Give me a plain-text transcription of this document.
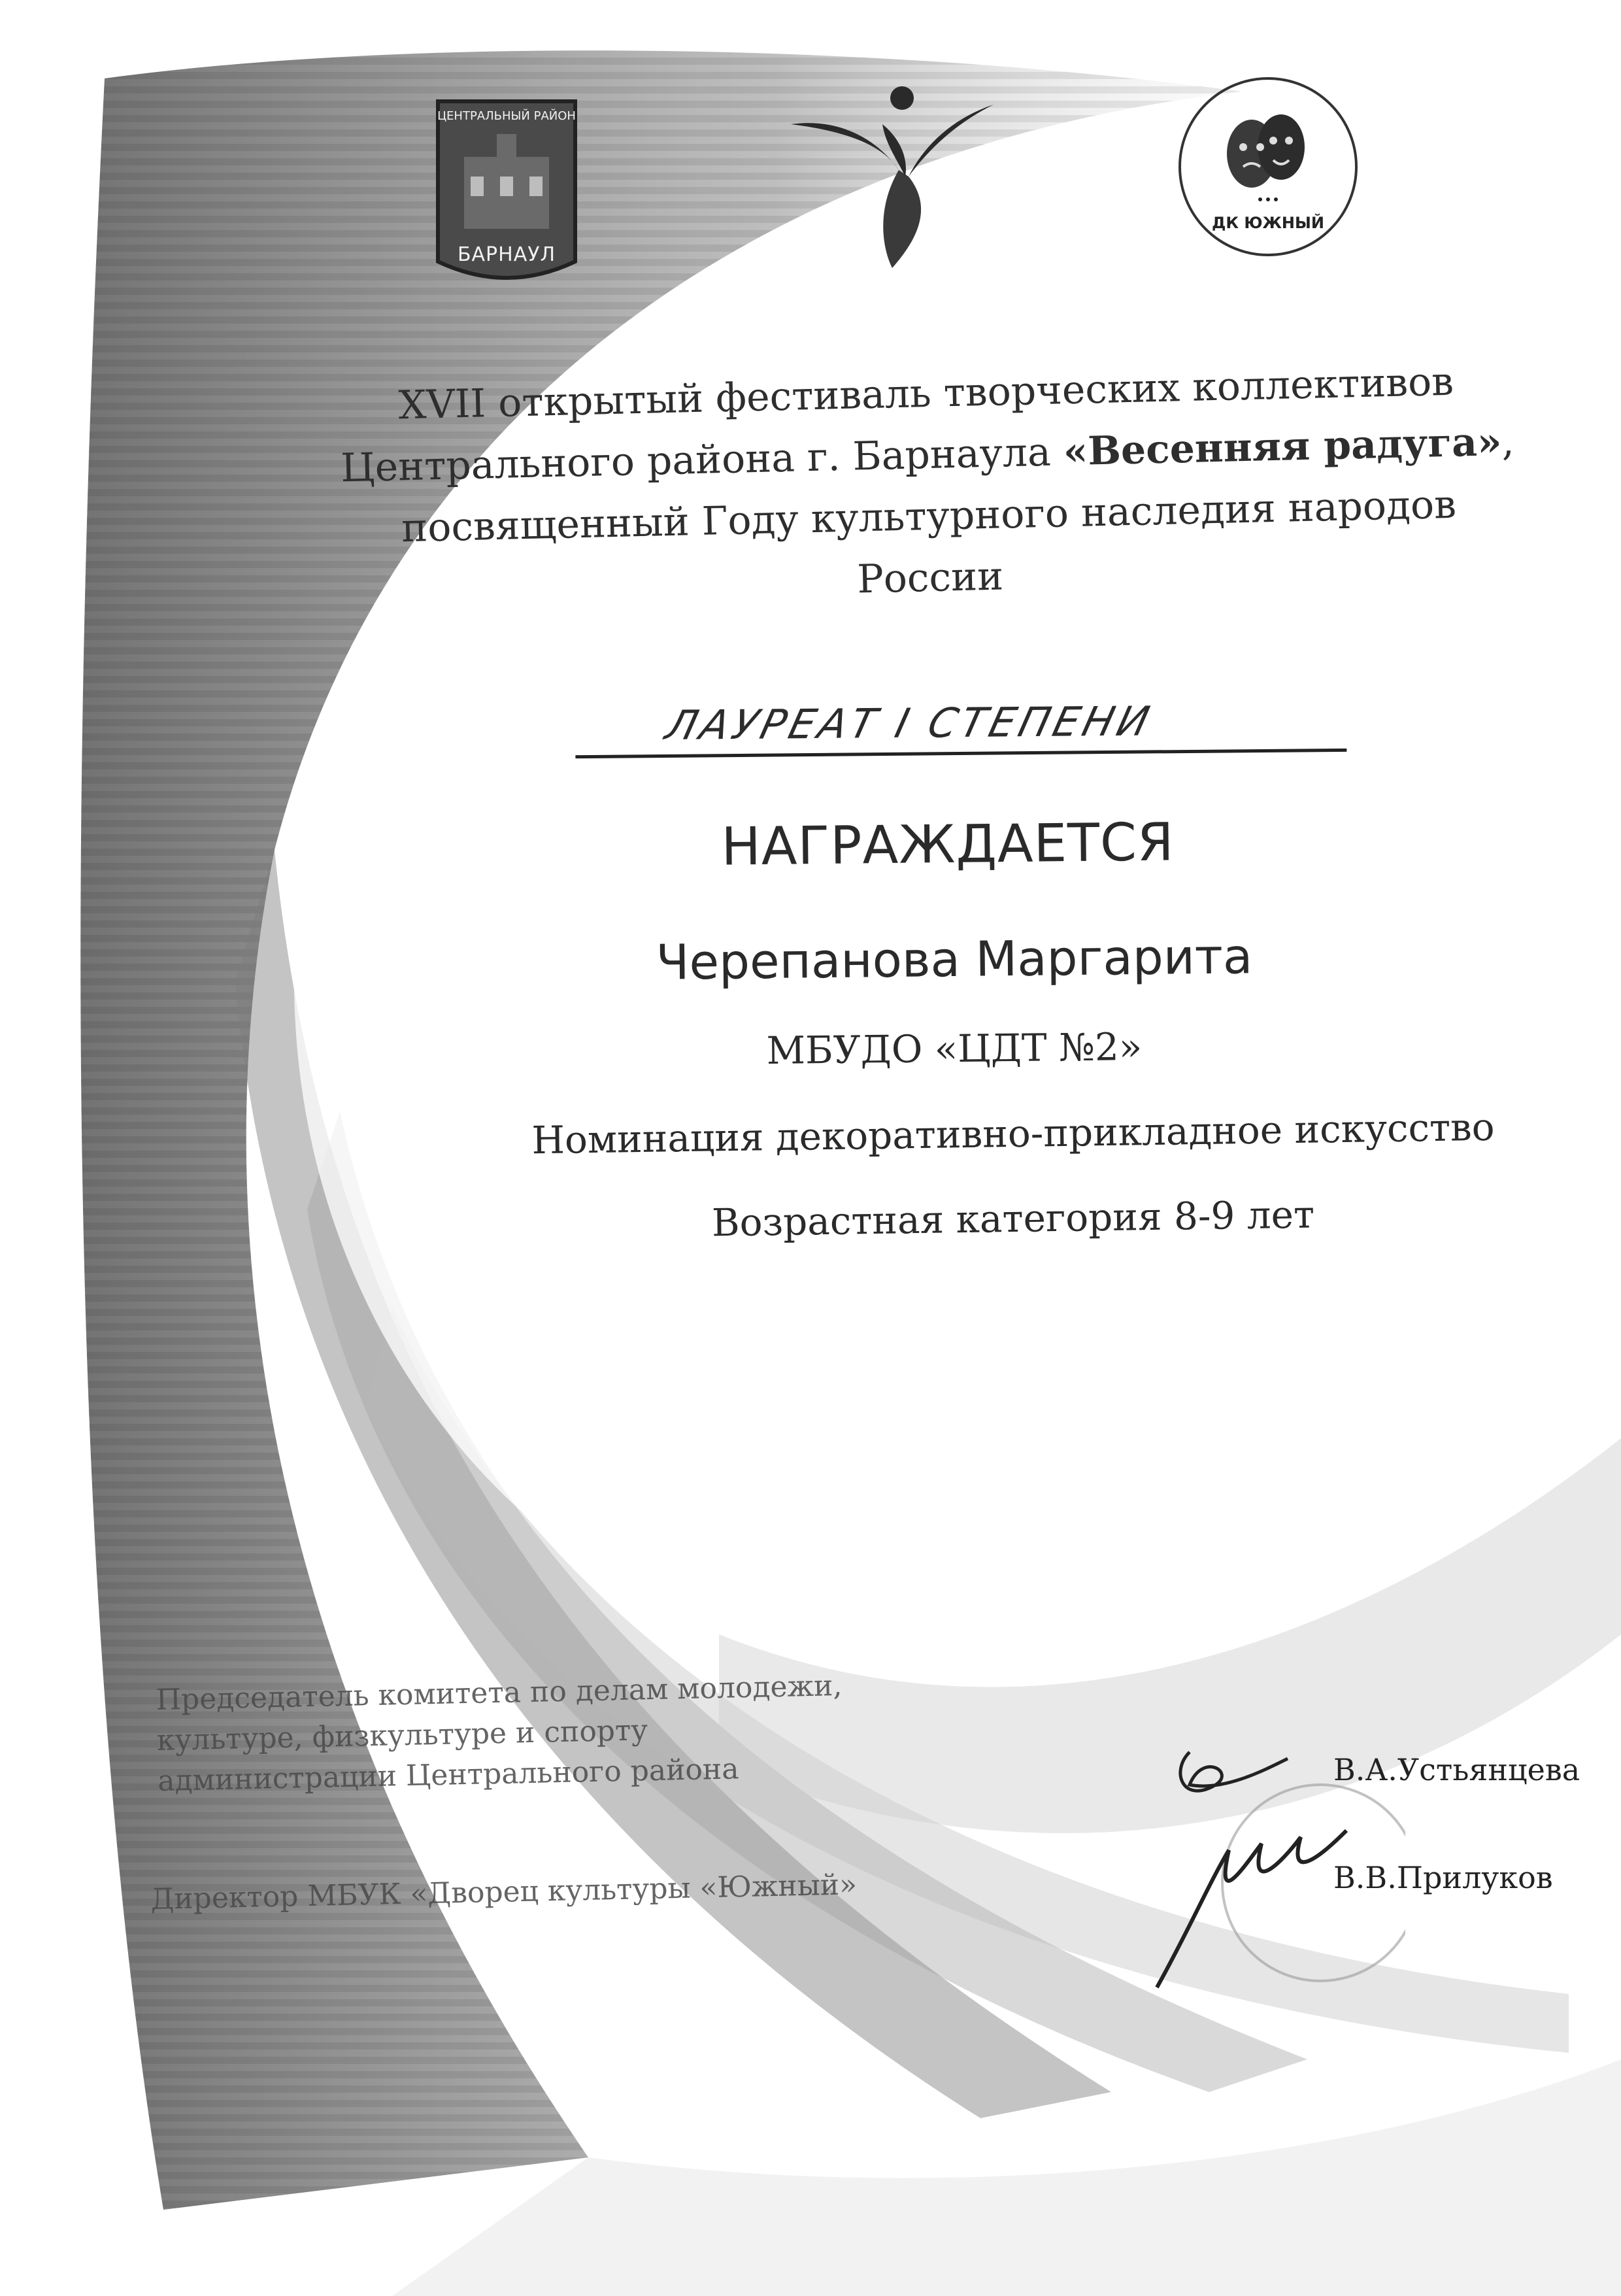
ЦЕНТРАЛЬНЫЙ РАЙОН
БАРНАУЛ
ДК ЮЖНЫЙ
XVII открытый фестиваль творческих коллективов
Центрального района г. Барнаула «Весенняя радуга»,
посвященный Году культурного наследия народов
России
ЛАУРЕАТ I СТЕПЕНИ
НАГРАЖДАЕТСЯ
Черепанова Маргарита
МБУДО «ЦДТ №2»
Номинация декоративно-прикладное искусство
Возрастная категория 8-9 лет
Председатель комитета по делам молодежи,
культуре, физкультуре и спорту
администрации Центрального района
Директор МБУК «Дворец культуры «Южный»
В.А.Устьянцева
В.В.Прилуков
